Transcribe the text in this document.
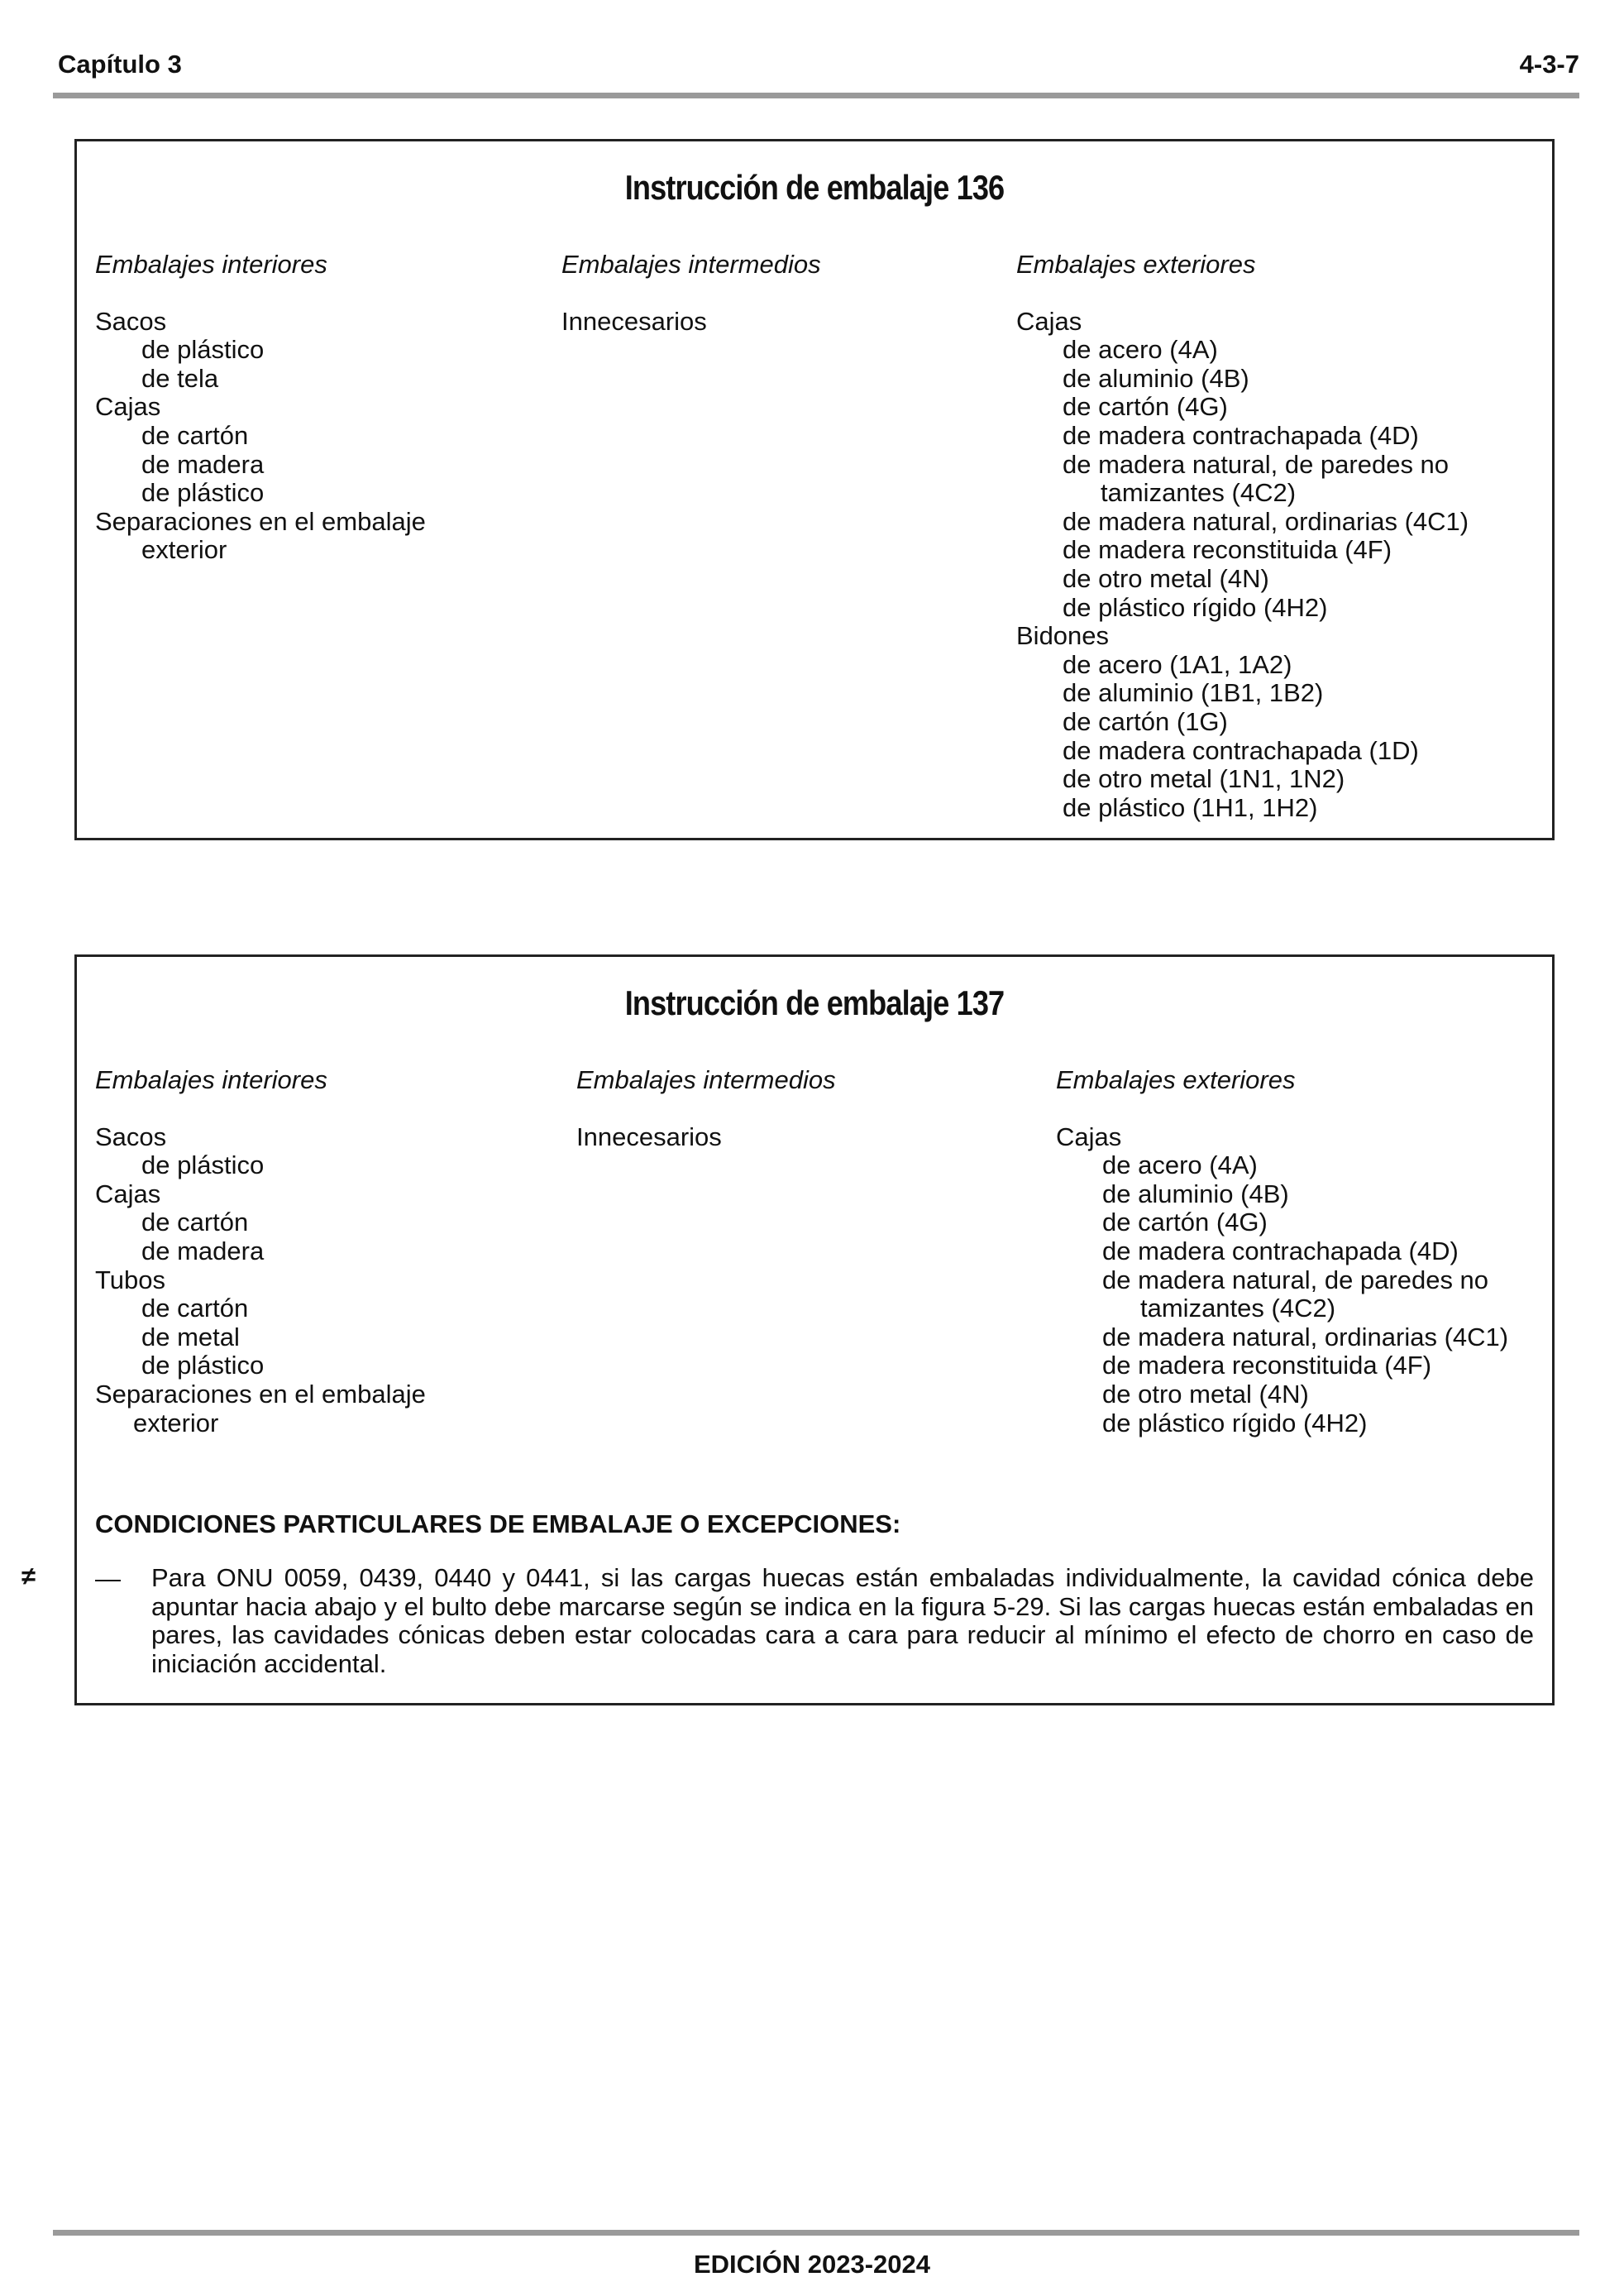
Capítulo 3	4-3-7
Instrucción de embalaje 136
Embalajes interiores
Sacos
de plástico
de tela
Cajas
de cartón
de madera
de plástico
Separaciones en el embalaje
exterior
Embalajes intermedios
Innecesarios
Embalajes exteriores
Cajas
de acero (4A)
de aluminio (4B)
de cartón (4G)
de madera contrachapada (4D)
de madera natural, de paredes no
tamizantes (4C2)
de madera natural, ordinarias (4C1)
de madera reconstituida (4F)
de otro metal (4N)
de plástico rígido (4H2)
Bidones
de acero (1A1, 1A2)
de aluminio (1B1, 1B2)
de cartón (1G)
de madera contrachapada (1D)
de otro metal (1N1, 1N2)
de plástico (1H1, 1H2)
Instrucción de embalaje 137
Embalajes interiores
Sacos
de plástico
Cajas
de cartón
de madera
Tubos
de cartón
de metal
de plástico
Separaciones en el embalaje
exterior
Embalajes intermedios
Innecesarios
Embalajes exteriores
Cajas
de acero (4A)
de aluminio (4B)
de cartón (4G)
de madera contrachapada (4D)
de madera natural, de paredes no
tamizantes (4C2)
de madera natural, ordinarias (4C1)
de madera reconstituida (4F)
de otro metal (4N)
de plástico rígido (4H2)
CONDICIONES PARTICULARES DE EMBALAJE O EXCEPCIONES:
— Para ONU 0059, 0439, 0440 y 0441, si las cargas huecas están embaladas individualmente, la cavidad cónica debe apuntar hacia abajo y el bulto debe marcarse según se indica en la figura 5-29. Si las cargas huecas están embaladas en pares, las cavidades cónicas deben estar colocadas cara a cara para reducir al mínimo el efecto de chorro en caso de iniciación accidental.
≠
EDICIÓN 2023-2024
